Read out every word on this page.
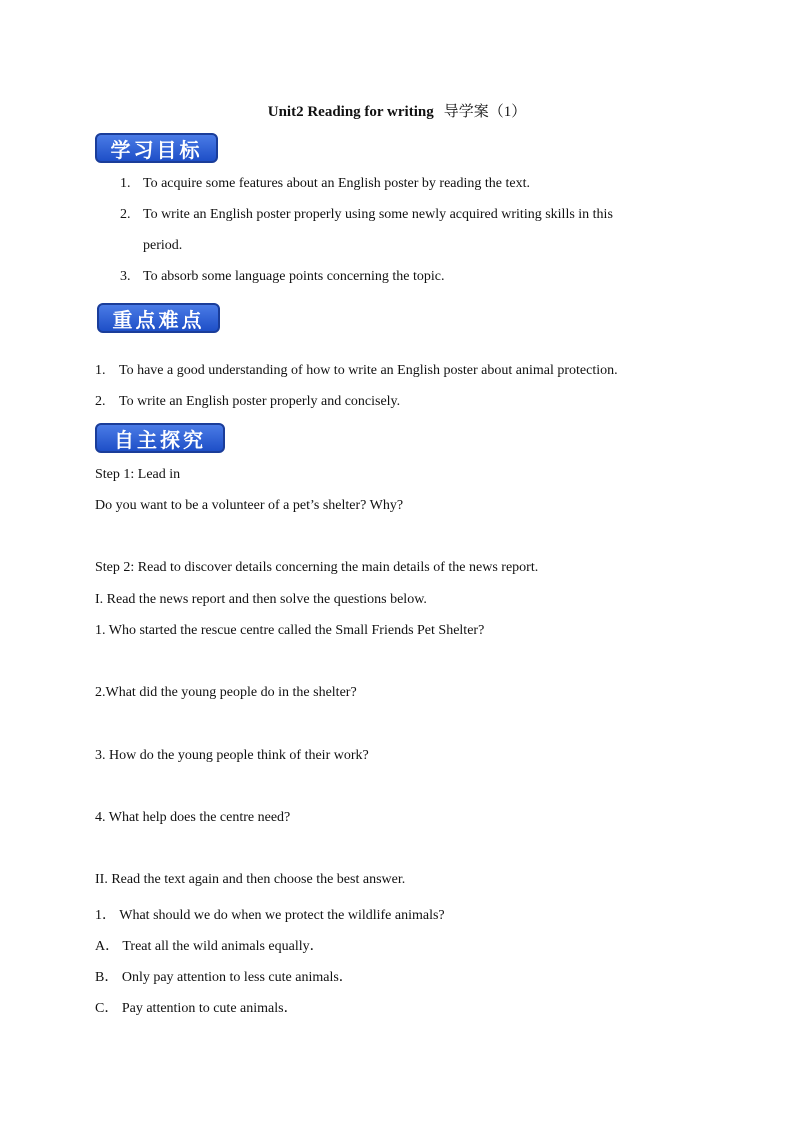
Unit2 Reading for writing 导学案（1）
学习目标
1. To acquire some features about an English poster by reading the text.
2. To write an English poster properly using some newly acquired writing skills in this
period.
3. To absorb some language points concerning the topic.
重点难点
1. To have a good understanding of how to write an English poster about animal protection.
2. To write an English poster properly and concisely.
自主探究
Step 1: Lead in
Do you want to be a volunteer of a pet’s shelter? Why?
Step 2: Read to discover details concerning the main details of the news report.
I. Read the news report and then solve the questions below.
1. Who started the rescue centre called the Small Friends Pet Shelter?
2.What did the young people do in the shelter?
3. How do the young people think of their work?
4. What help does the centre need?
II. Read the text again and then choose the best answer.
1． What should we do when we protect the wildlife animals?
A． Treat all the wild animals equally．
B． Only pay attention to less cute animals．
C． Pay attention to cute animals．
